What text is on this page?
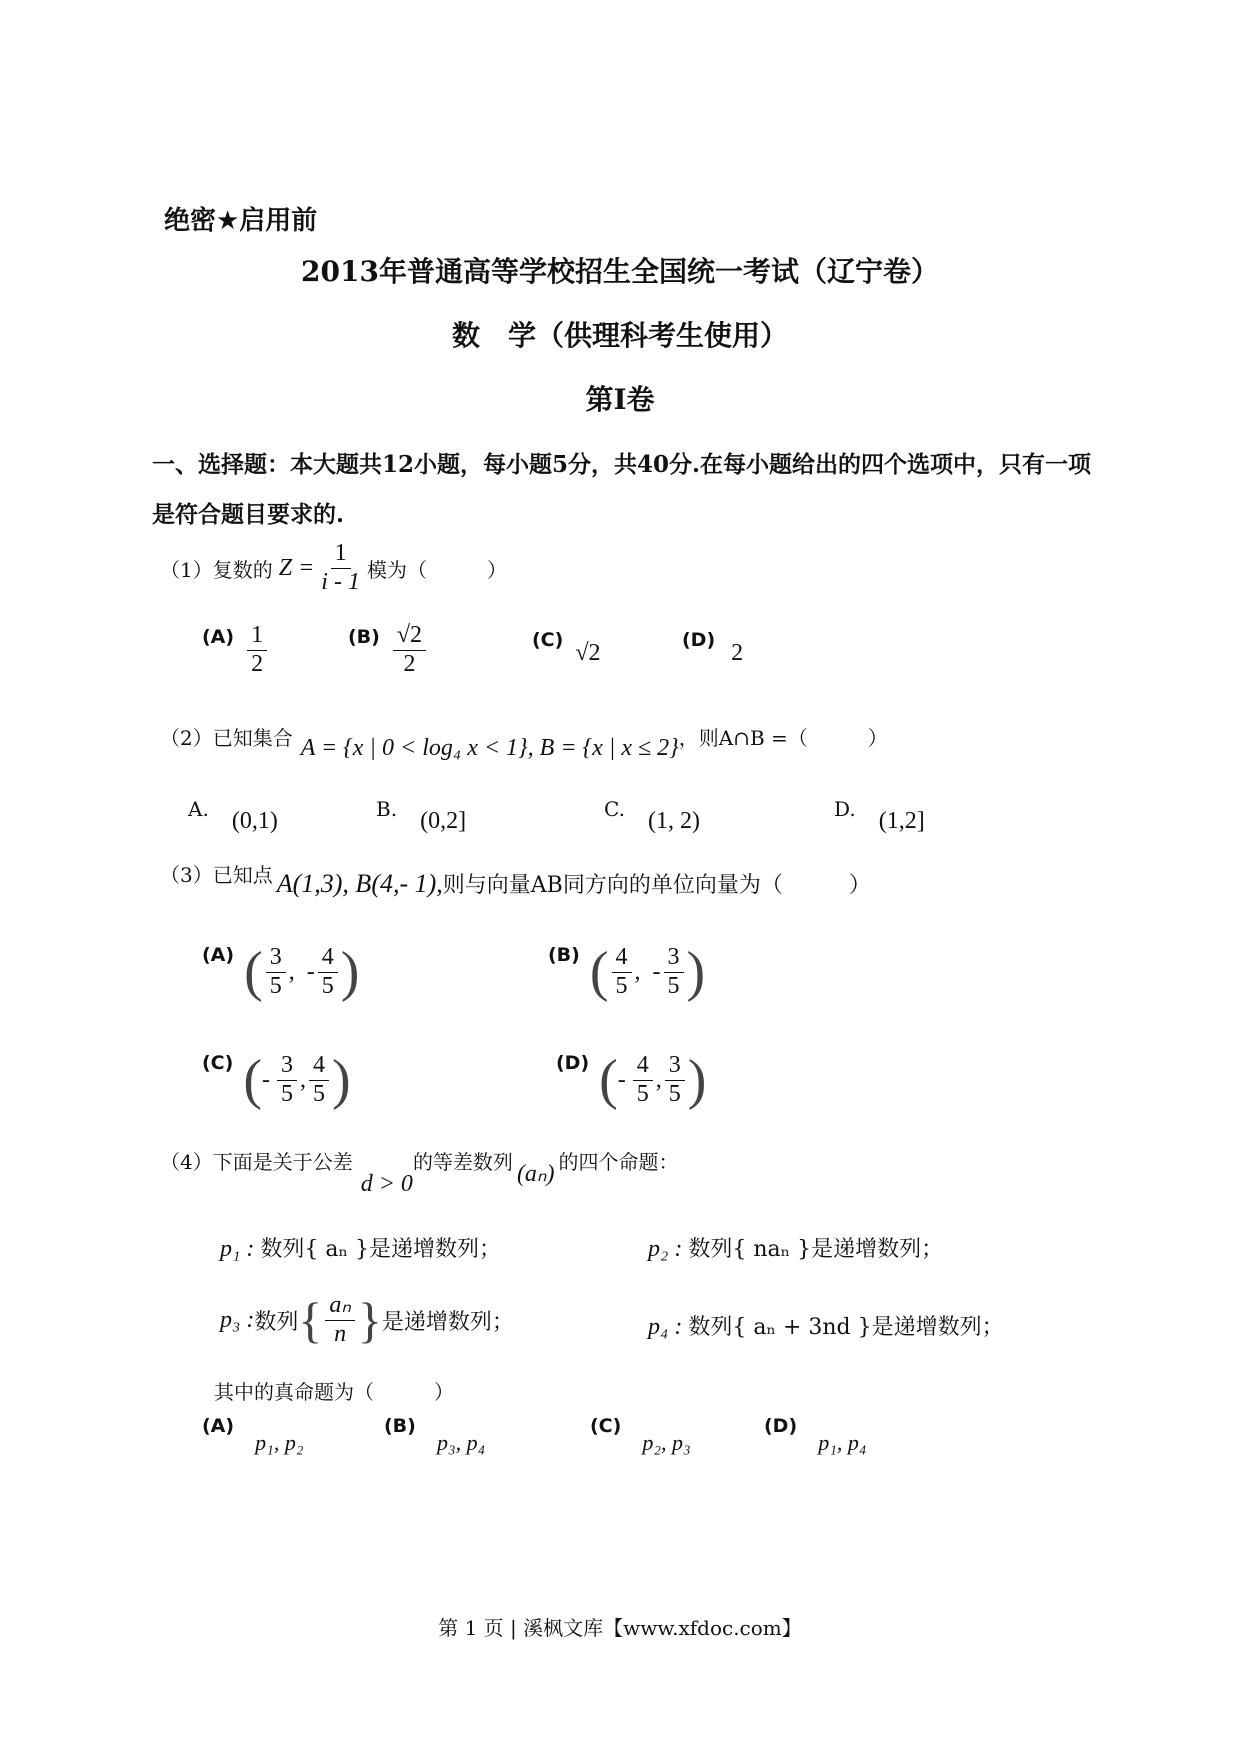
绝密★启用前
2013年普通高等学校招生全国统一考试（辽宁卷）
数　学（供理科考生使用）
第Ⅰ卷
一、选择题：本大题共12小题，每小题5分，共40分.在每小题给出的四个选项中，只有一项是符合题目要求的.
（1） 复数的 $Z = \frac{1}{i - 1}$ 模为（　　　）
$(A) \frac{1}{2}$	$(B) \frac{√2}{2}$	(C)
√2
(D)
2
（2） 已知集合 A = {x | 0 < log₄ x < 1} , B = {x | x ≤ 2} ，则A∩B =（　　　）
A. (0,1)	B. (0,2]	C. (1, 2)	D. (1,2]
（3） 已知点 A(1,3), B(4,- 1), 则与向量AB同方向的单位向量为（　　　）
(A) ( $\frac{3}{5}$ , - $\frac{4}{5}$ )	(B) ( $\frac{4}{5}$ , - $\frac{3}{5}$ )
(C) ( - $\frac{3}{5}$ , $\frac{4}{5}$ )	(D) ( - $\frac{4}{5}$ , $\frac{3}{5}$ )
（4） 下面是关于公差
d > 0
的等差数列 (aₙ) 的四个命题：
p₁ : 数列{ aₙ }是递增数列；	p₂ : 数列{ naₙ }是递增数列；
p₃ : 数列 { $\frac{\text{aₙ}}{n}$ } 是递增数列；	p₄ : 数列{ aₙ + 3nd }是递增数列；
其中的真命题为（　　　）
(A) p₁, p₂
(B) p₃, p₄
(C) p₂, p₃
(D) p₁, p₄
第 1 页 | 溪枫文库【www.xfdoc.com】
